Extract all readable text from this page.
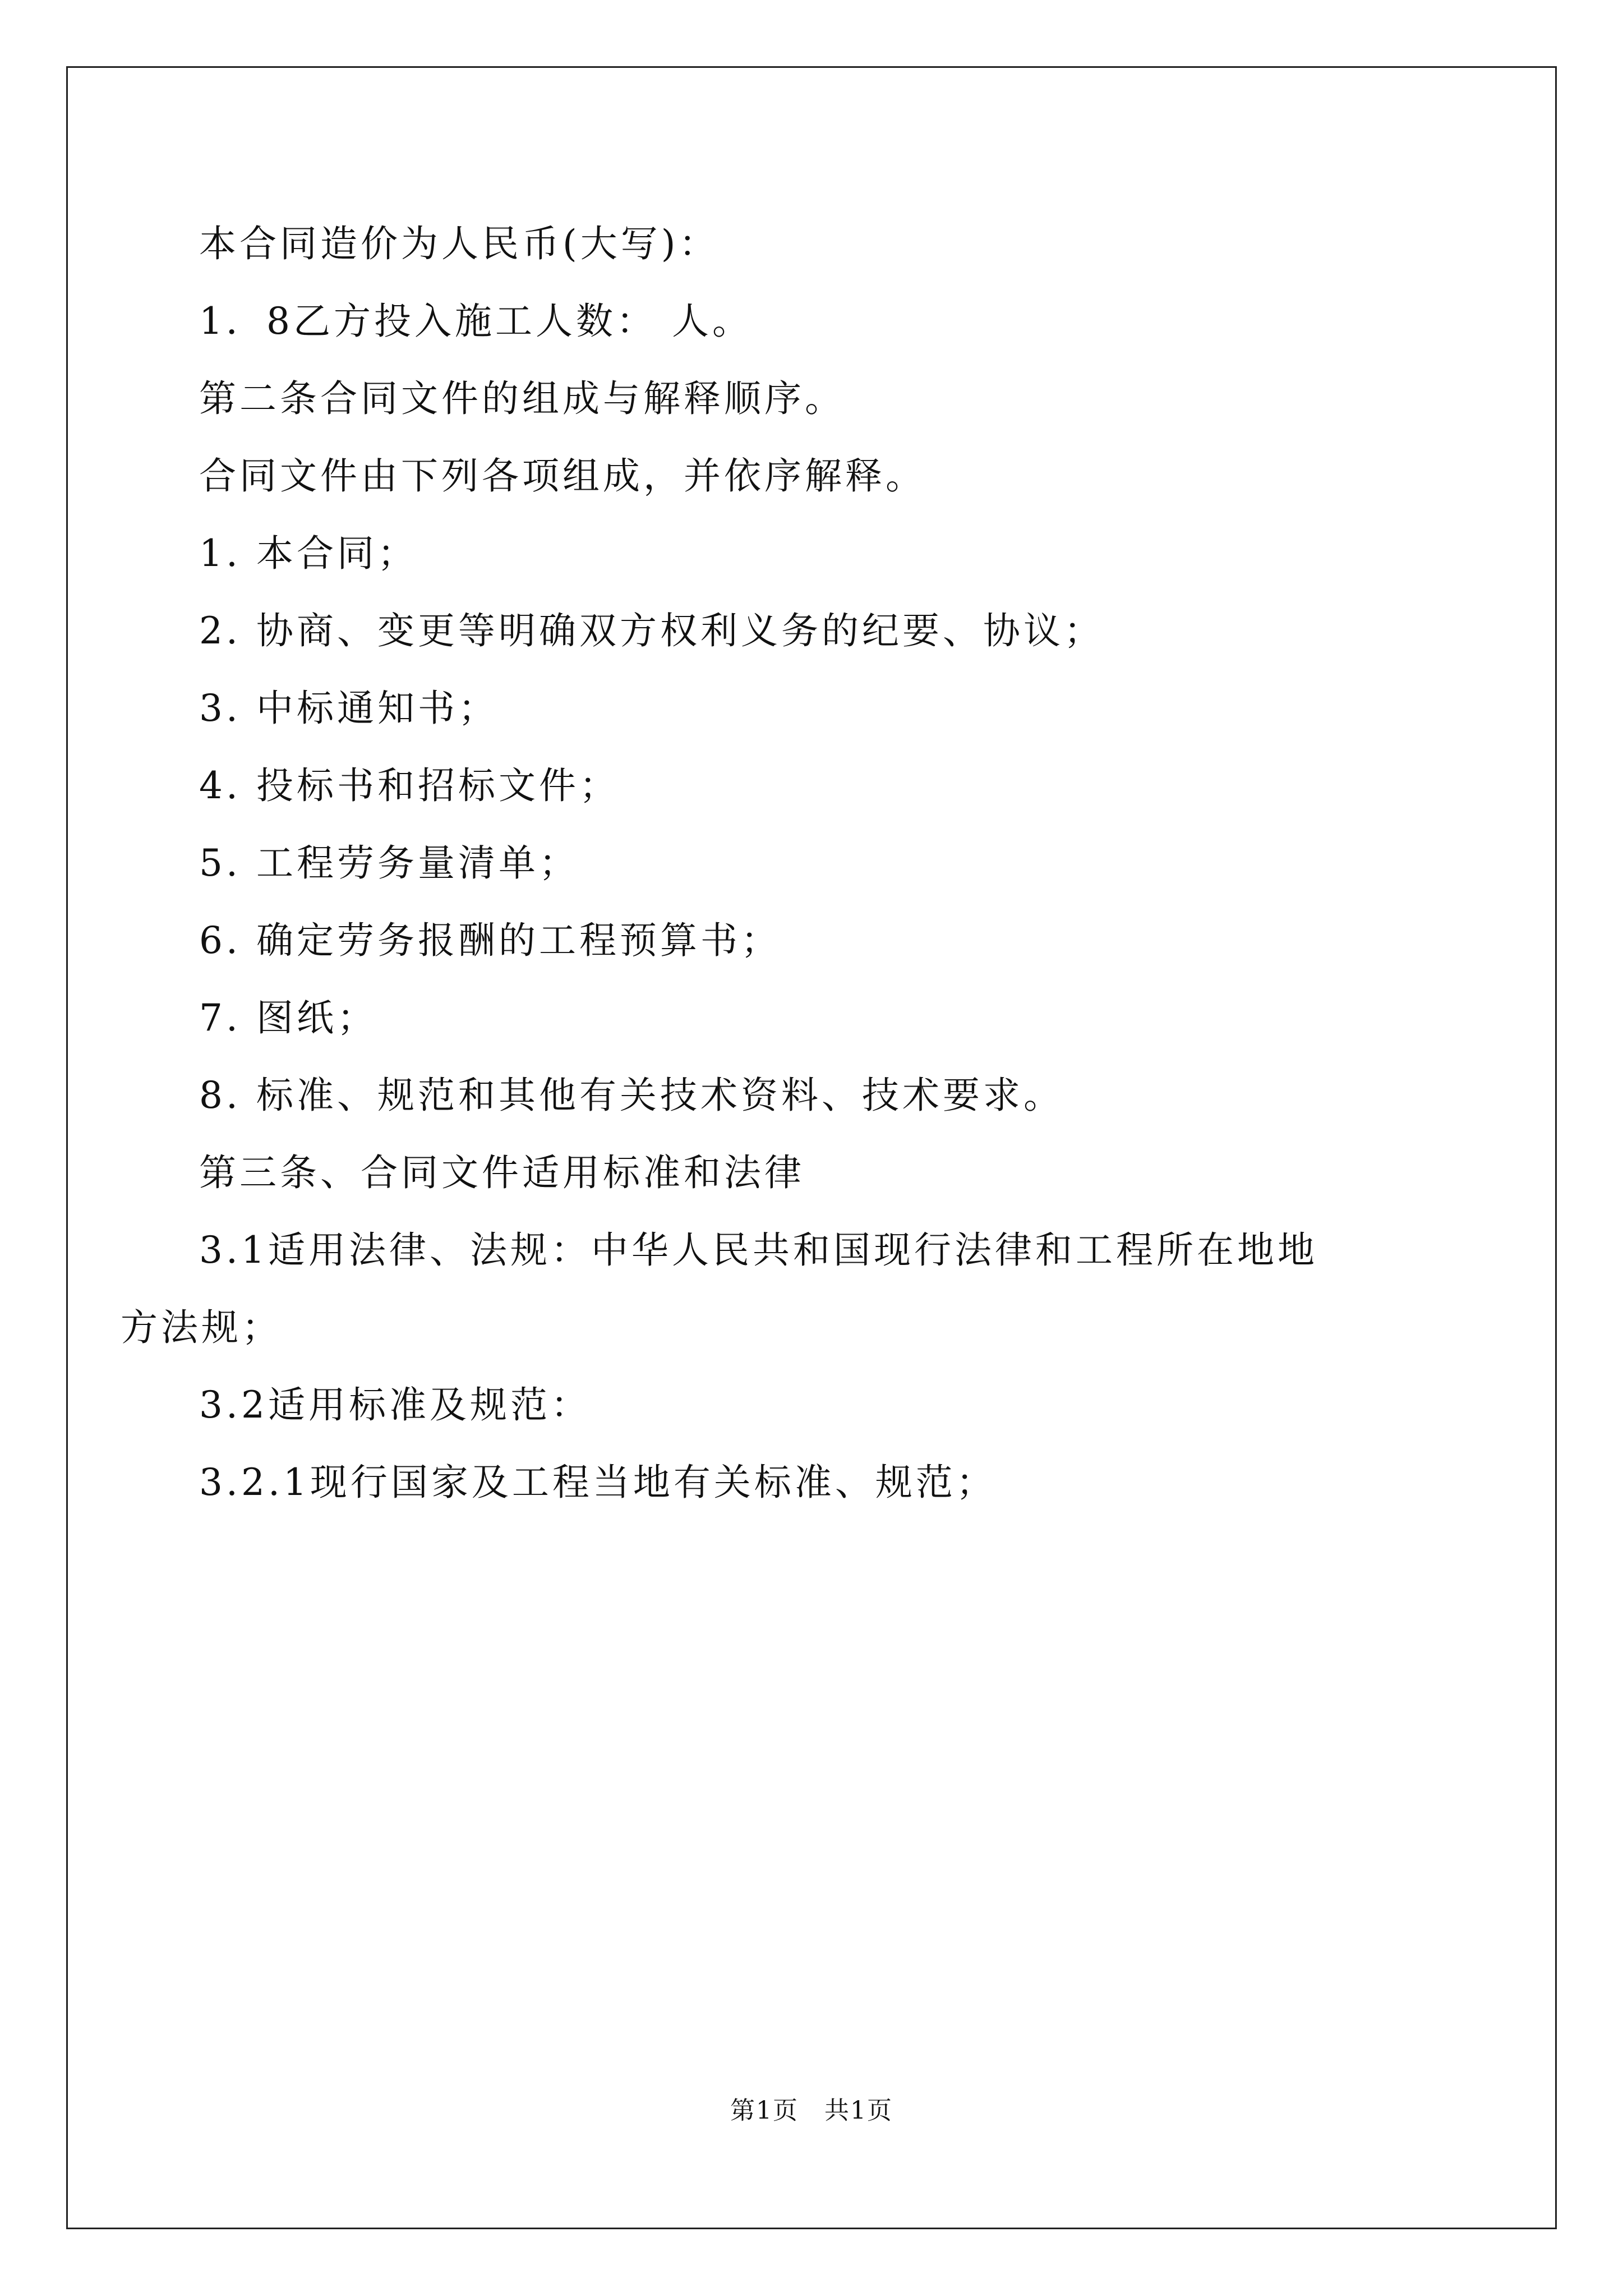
本合同造价为人民币(大写)：
1．8乙方投入施工人数： 人。
第二条合同文件的组成与解释顺序。
合同文件由下列各项组成，并依序解释。
1. 本合同；
2. 协商、变更等明确双方权利义务的纪要、协议；
3. 中标通知书；
4. 投标书和招标文件；
5. 工程劳务量清单；
6. 确定劳务报酬的工程预算书；
7. 图纸；
8. 标准、规范和其他有关技术资料、技术要求。
第三条、合同文件适用标准和法律
3.1适用法律、法规：中华人民共和国现行法律和工程所在地地
方法规；
3.2适用标准及规范：
3.2.1现行国家及工程当地有关标准、规范；
第1页　共1页
